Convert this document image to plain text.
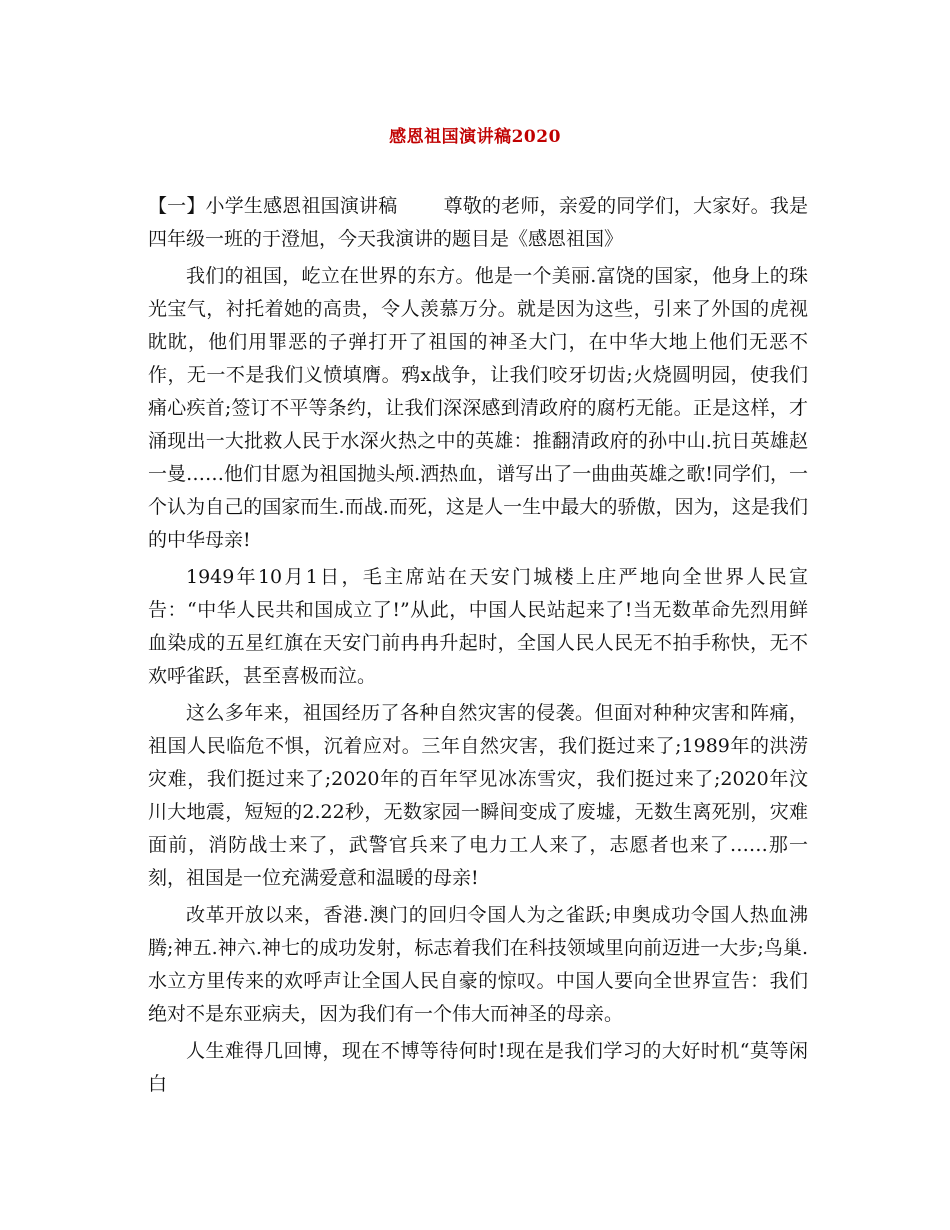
感恩祖国演讲稿2020

【一】小学生感恩祖国演讲稿 尊敬的老师，亲爱的同学们，大家好。我是四年级一班的于澄旭，今天我演讲的题目是《感恩祖国》

我们的祖国，屹立在世界的东方。他是一个美丽.富饶的国家，他身上的珠光宝气，衬托着她的高贵，令人羡慕万分。就是因为这些，引来了外国的虎视眈眈，他们用罪恶的子弹打开了祖国的神圣大门，在中华大地上他们无恶不作，无一不是我们义愤填膺。鸦x战争，让我们咬牙切齿;火烧圆明园，使我们痛心疾首;签订不平等条约，让我们深深感到清政府的腐朽无能。正是这样，才涌现出一大批救人民于水深火热之中的英雄：推翻清政府的孙中山.抗日英雄赵一曼……他们甘愿为祖国抛头颅.洒热血，谱写出了一曲曲英雄之歌!同学们，一个认为自己的国家而生.而战.而死，这是人一生中最大的骄傲，因为，这是我们的中华母亲!

1949年10月1日，毛主席站在天安门城楼上庄严地向全世界人民宣告：“中华人民共和国成立了!”从此，中国人民站起来了!当无数革命先烈用鲜血染成的五星红旗在天安门前冉冉升起时，全国人民人民无不拍手称快，无不欢呼雀跃，甚至喜极而泣。

这么多年来，祖国经历了各种自然灾害的侵袭。但面对种种灾害和阵痛，祖国人民临危不惧，沉着应对。三年自然灾害，我们挺过来了;1989年的洪涝灾难，我们挺过来了;2020年的百年罕见冰冻雪灾，我们挺过来了;2020年汶川大地震，短短的2.22秒，无数家园一瞬间变成了废墟，无数生离死别，灾难面前，消防战士来了，武警官兵来了电力工人来了，志愿者也来了……那一刻，祖国是一位充满爱意和温暖的母亲!

改革开放以来，香港.澳门的回归令国人为之雀跃;申奥成功令国人热血沸腾;神五.神六.神七的成功发射，标志着我们在科技领域里向前迈进一大步;鸟巢.水立方里传来的欢呼声让全国人民自豪的惊叹。中国人要向全世界宣告：我们绝对不是东亚病夫，因为我们有一个伟大而神圣的母亲。

人生难得几回博，现在不博等待何时!现在是我们学习的大好时机“莫等闲白
